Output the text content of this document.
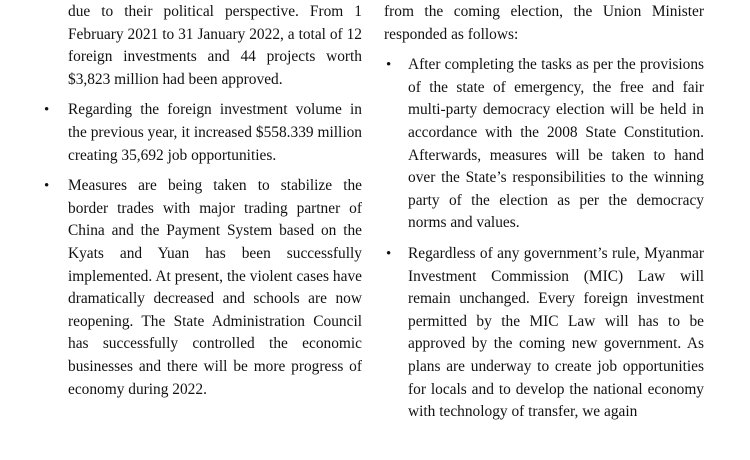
due to their political perspective. From 1 February 2021 to 31 January 2022, a total of 12 foreign investments and 44 projects worth $3,823 million had been approved.

• Regarding the foreign investment volume in the previous year, it increased $558.339 million creating 35,692 job opportunities.

• Measures are being taken to stabilize the border trades with major trading partner of China and the Payment System based on the Kyats and Yuan has been successfully implemented. At present, the violent cases have dramatically decreased and schools are now reopening. The State Administration Council has successfully controlled the economic businesses and there will be more progress of economy during 2022.

from the coming election, the Union Minister responded as follows:

• After completing the tasks as per the provisions of the state of emergency, the free and fair multi-party democracy election will be held in accordance with the 2008 State Constitution. Afterwards, measures will be taken to hand over the State’s responsibilities to the winning party of the election as per the democracy norms and values.

• Regardless of any government’s rule, Myanmar Investment Commission (MIC) Law will remain unchanged. Every foreign investment permitted by the MIC Law will has to be approved by the coming new government. As plans are underway to create job opportunities for locals and to develop the national economy with technology of transfer, we again
